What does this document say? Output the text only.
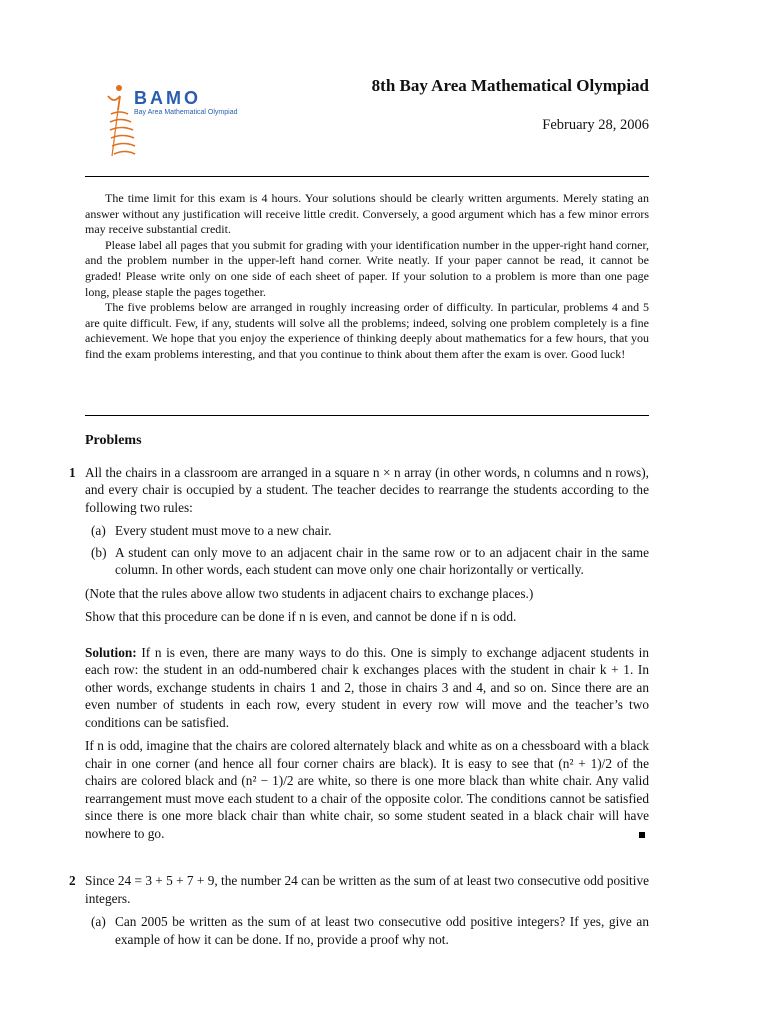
BAMO
Bay Area Mathematical Olympiad
8th Bay Area Mathematical Olympiad
February 28, 2006

The time limit for this exam is 4 hours. Your solutions should be clearly written arguments. Merely stating an answer without any justification will receive little credit. Conversely, a good argument which has a few minor errors may receive substantial credit.

Please label all pages that you submit for grading with your identification number in the upper-right hand corner, and the problem number in the upper-left hand corner. Write neatly. If your paper cannot be read, it cannot be graded! Please write only on one side of each sheet of paper. If your solution to a problem is more than one page long, please staple the pages together.

The five problems below are arranged in roughly increasing order of difficulty. In particular, problems 4 and 5 are quite difficult. Few, if any, students will solve all the problems; indeed, solving one problem completely is a fine achievement. We hope that you enjoy the experience of thinking deeply about mathematics for a few hours, that you find the exam problems interesting, and that you continue to think about them after the exam is over. Good luck!

Problems
1 All the chairs in a classroom are arranged in a square n × n array (in other words, n columns and n rows), and every chair is occupied by a student. The teacher decides to rearrange the students according to the following two rules:
(a) Every student must move to a new chair.
(b) A student can only move to an adjacent chair in the same row or to an adjacent chair in the same column. In other words, each student can move only one chair horizontally or vertically.
(Note that the rules above allow two students in adjacent chairs to exchange places.)
Show that this procedure can be done if n is even, and cannot be done if n is odd.
Solution: If n is even, there are many ways to do this. One is simply to exchange adjacent students in each row: the student in an odd-numbered chair k exchanges places with the student in chair k + 1. In other words, exchange students in chairs 1 and 2, those in chairs 3 and 4, and so on. Since there are an even number of students in each row, every student in every row will move and the teacher’s two conditions can be satisfied.
If n is odd, imagine that the chairs are colored alternately black and white as on a chessboard with a black chair in one corner (and hence all four corner chairs are black). It is easy to see that (n² + 1)/2 of the chairs are colored black and (n² − 1)/2 are white, so there is one more black than white chair. Any valid rearrangement must move each student to a chair of the opposite color. The conditions cannot be satisfied since there is one more black chair than white chair, so some student seated in a black chair will have nowhere to go.
2 Since 24 = 3 + 5 + 7 + 9, the number 24 can be written as the sum of at least two consecutive odd positive integers.
(a) Can 2005 be written as the sum of at least two consecutive odd positive integers? If yes, give an example of how it can be done. If no, provide a proof why not.
